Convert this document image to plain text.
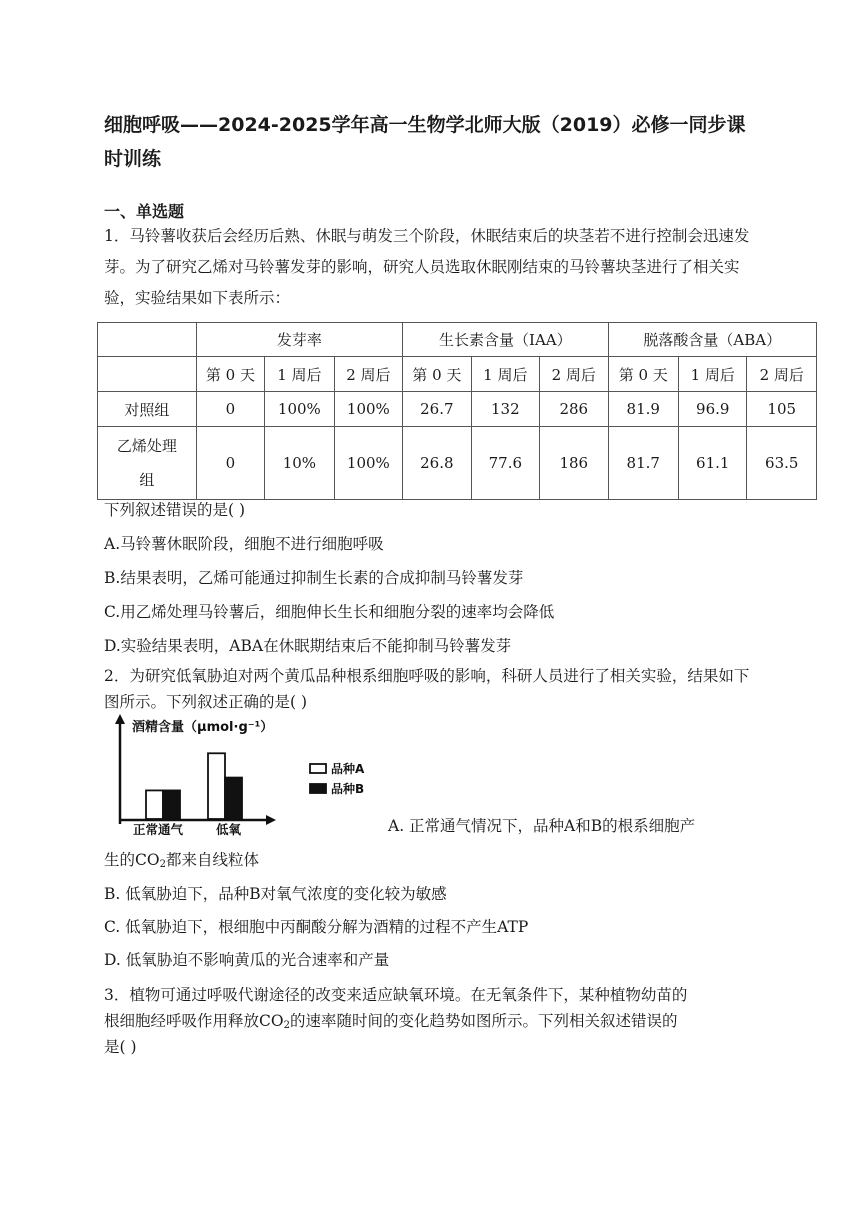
细胞呼吸——2024-2025学年高一生物学北师大版（2019）必修一同步课时训练
一、单选题
1．马铃薯收获后会经历后熟、休眠与萌发三个阶段，休眠结束后的块茎若不进行控制会迅速发芽。为了研究乙烯对马铃薯发芽的影响，研究人员选取休眠刚结束的马铃薯块茎进行了相关实验，实验结果如下表所示：
	发芽率			生长素含量（IAA）			脱落酸含量（ABA）		
	第 0 天	1 周后	2 周后	第 0 天	1 周后	2 周后	第 0 天	1 周后	2 周后
对照组	0	100%	100%	26.7	132	286	81.9	96.9	105
乙烯处理组	0	10%	100%	26.8	77.6	186	81.7	61.1	63.5
下列叙述错误的是( )
A.马铃薯休眠阶段，细胞不进行细胞呼吸
B.结果表明，乙烯可能通过抑制生长素的合成抑制马铃薯发芽
C.用乙烯处理马铃薯后，细胞伸长生长和细胞分裂的速率均会降低
D.实验结果表明，ABA在休眠期结束后不能抑制马铃薯发芽
2．为研究低氧胁迫对两个黄瓜品种根系细胞呼吸的影响，科研人员进行了相关实验，结果如下图所示。下列叙述正确的是( )
酒精含量（μmol·g⁻¹）
正常通气	低氧
品种A
品种B
A. 正常通气情况下，品种A和B的根系细胞产
生的$CO_2$都来自线粒体
B. 低氧胁迫下，品种B对氧气浓度的变化较为敏感
C. 低氧胁迫下，根细胞中丙酮酸分解为酒精的过程不产生ATP
D. 低氧胁迫不影响黄瓜的光合速率和产量
3．植物可通过呼吸代谢途径的改变来适应缺氧环境。在无氧条件下，某种植物幼苗的
根细胞经呼吸作用释放$CO_2$的速率随时间的变化趋势如图所示。下列相关叙述错误的
是( )
